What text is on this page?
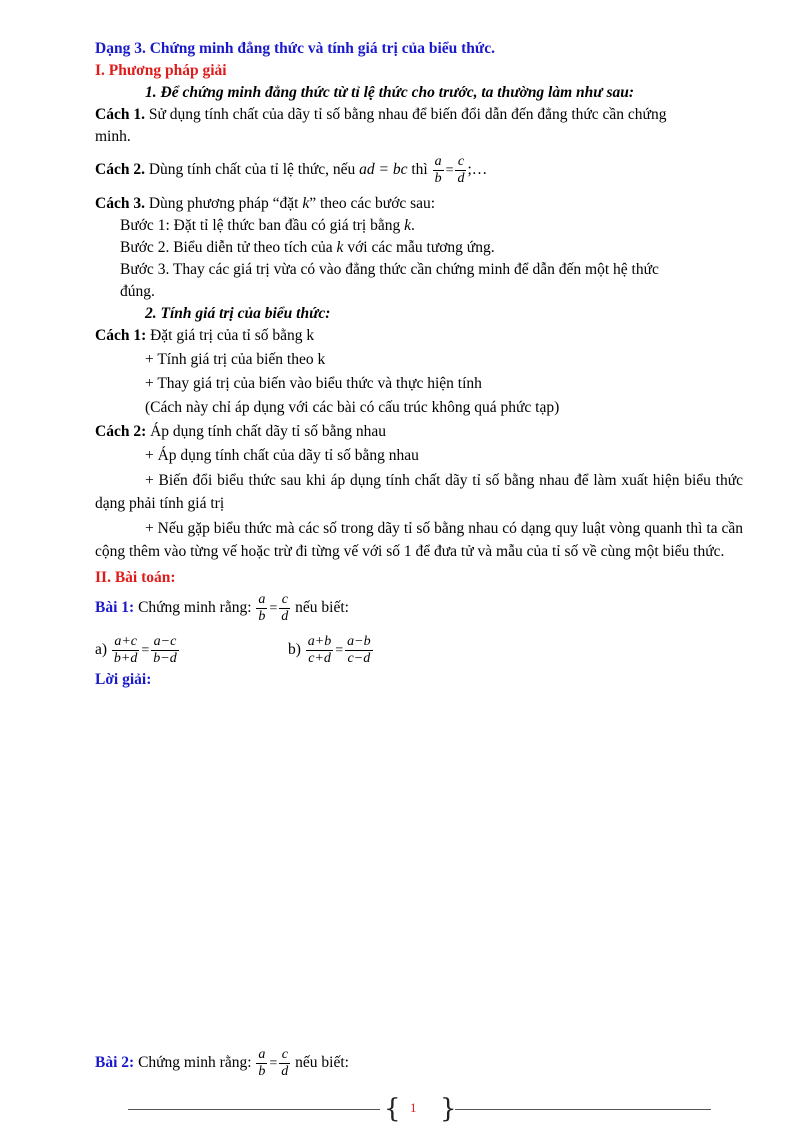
Dạng 3. Chứng minh đẳng thức và tính giá trị của biểu thức.
I. Phương pháp giải
1. Để chứng minh đẳng thức từ tỉ lệ thức cho trước, ta thường làm như sau:
Cách 1. Sử dụng tính chất của dãy tỉ số bằng nhau để biến đổi dẫn đến đẳng thức cần chứng
minh.
Cách 2. Dùng tính chất của tỉ lệ thức, nếu ad = bc thì $\frac{a}{b} = \frac{c}{d}$ ;…
Cách 3. Dùng phương pháp “đặt k” theo các bước sau:
Bước 1: Đặt tỉ lệ thức ban đầu có giá trị bằng k.
Bước 2. Biểu diễn tử theo tích của k với các mẫu tương ứng.
Bước 3. Thay các giá trị vừa có vào đẳng thức cần chứng minh để dẫn đến một hệ thức
đúng.
2. Tính giá trị của biểu thức:
Cách 1: Đặt giá trị của tỉ số bằng k
+ Tính giá trị của biến theo k
+ Thay giá trị của biến vào biểu thức và thực hiện tính
(Cách này chỉ áp dụng với các bài có cấu trúc không quá phức tạp)
Cách 2: Áp dụng tính chất dãy tỉ số bằng nhau
+ Áp dụng tính chất của dãy tỉ số bằng nhau
+ Biến đổi biểu thức sau khi áp dụng tính chất dãy tỉ số bằng nhau để làm xuất hiện biểu thức dạng phải tính giá trị
+ Nếu gặp biểu thức mà các số trong dãy tỉ số bằng nhau có dạng quy luật vòng quanh thì ta cần cộng thêm vào từng vế hoặc trừ đi từng vế với số 1 để đưa tử và mẫu của tỉ số về cùng một biểu thức.
II. Bài toán:
Bài 1: Chứng minh rằng: $\frac{a}{b} = \frac{c}{d}$ nếu biết:
$a) \frac{a+c}{b+d} = \frac{a-c}{b-d}$	$b) \frac{a+b}{c+d} = \frac{a-b}{c-d}$
Lời giải:
Bài 2: Chứng minh rằng: $\frac{a}{b} = \frac{c}{d}$ nếu biết:
{ 1 }
